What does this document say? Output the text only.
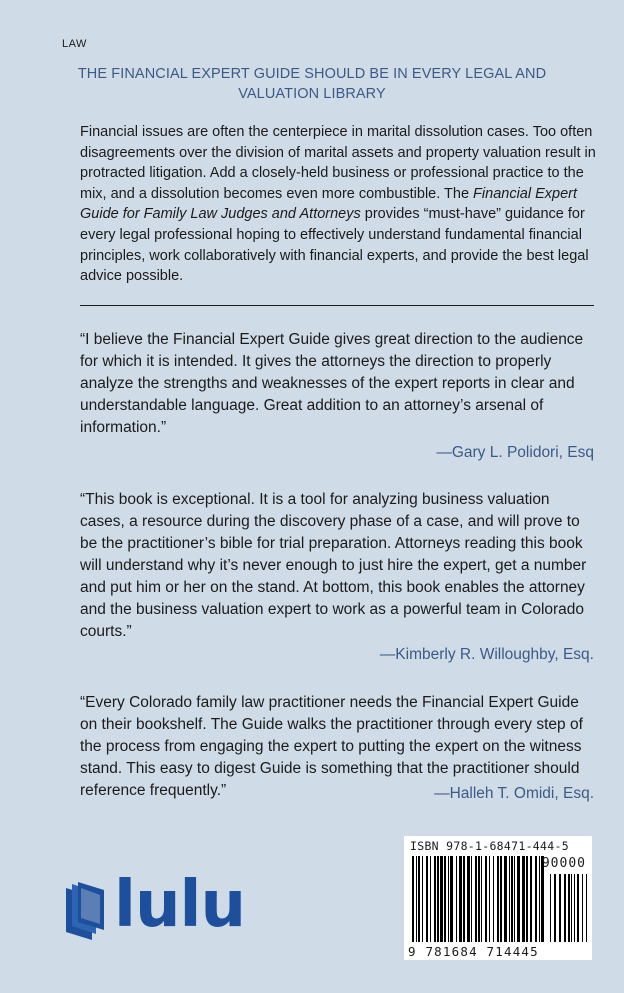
LAW
THE FINANCIAL EXPERT GUIDE SHOULD BE IN EVERY LEGAL AND VALUATION LIBRARY
Financial issues are often the centerpiece in marital dissolution cases. Too often disagreements over the division of marital assets and property valuation result in protracted litigation. Add a closely-held business or professional practice to the mix, and a dissolution becomes even more combustible. The Financial Expert Guide for Family Law Judges and Attorneys provides “must-have” guidance for every legal professional hoping to effectively understand fundamental financial principles, work collaboratively with financial experts, and provide the best legal advice possible.
“I believe the Financial Expert Guide gives great direction to the audience for which it is intended. It gives the attorneys the direction to properly analyze the strengths and weaknesses of the expert reports in clear and understandable language. Great addition to an attorney’s arsenal of information.”
—Gary L. Polidori, Esq
“This book is exceptional. It is a tool for analyzing business valuation cases, a resource during the discovery phase of a case, and will prove to be the practitioner’s bible for trial preparation. Attorneys reading this book will understand why it’s never enough to just hire the expert, get a number and put him or her on the stand. At bottom, this book enables the attorney and the business valuation expert to work as a powerful team in Colorado courts.”
—Kimberly R. Willoughby, Esq.
“Every Colorado family law practitioner needs the Financial Expert Guide on their bookshelf. The Guide walks the practitioner through every step of the process from engaging the expert to putting the expert on the witness stand. This easy to digest Guide is something that the practitioner should reference frequently.”	—Halleh T. Omidi, Esq.
ISBN 978-1-68471-444-5
90000
9 781684 714445
lulu
